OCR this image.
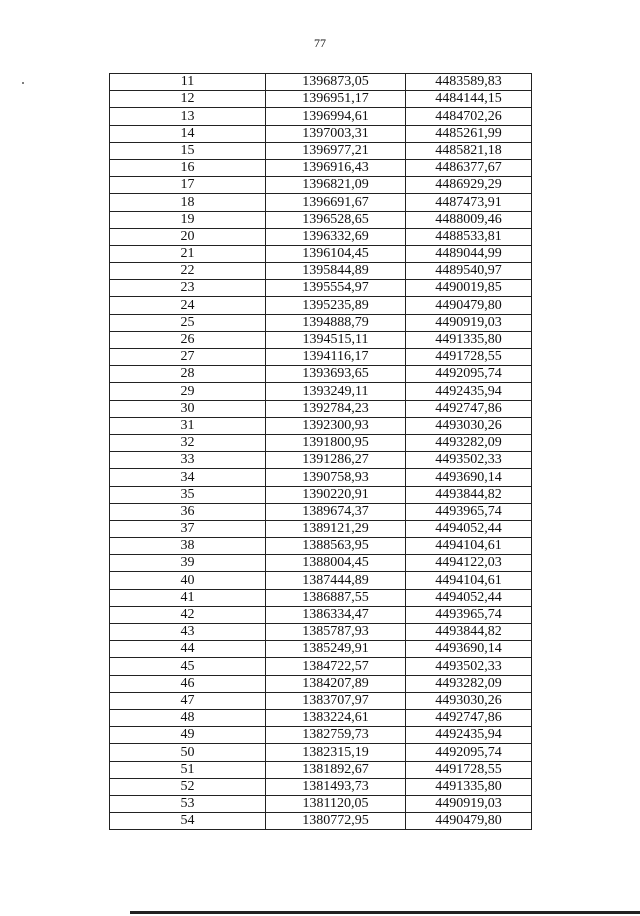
77
11	1396873,05	4483589,83
12	1396951,17	4484144,15
13	1396994,61	4484702,26
14	1397003,31	4485261,99
15	1396977,21	4485821,18
16	1396916,43	4486377,67
17	1396821,09	4486929,29
18	1396691,67	4487473,91
19	1396528,65	4488009,46
20	1396332,69	4488533,81
21	1396104,45	4489044,99
22	1395844,89	4489540,97
23	1395554,97	4490019,85
24	1395235,89	4490479,80
25	1394888,79	4490919,03
26	1394515,11	4491335,80
27	1394116,17	4491728,55
28	1393693,65	4492095,74
29	1393249,11	4492435,94
30	1392784,23	4492747,86
31	1392300,93	4493030,26
32	1391800,95	4493282,09
33	1391286,27	4493502,33
34	1390758,93	4493690,14
35	1390220,91	4493844,82
36	1389674,37	4493965,74
37	1389121,29	4494052,44
38	1388563,95	4494104,61
39	1388004,45	4494122,03
40	1387444,89	4494104,61
41	1386887,55	4494052,44
42	1386334,47	4493965,74
43	1385787,93	4493844,82
44	1385249,91	4493690,14
45	1384722,57	4493502,33
46	1384207,89	4493282,09
47	1383707,97	4493030,26
48	1383224,61	4492747,86
49	1382759,73	4492435,94
50	1382315,19	4492095,74
51	1381892,67	4491728,55
52	1381493,73	4491335,80
53	1381120,05	4490919,03
54	1380772,95	4490479,80
